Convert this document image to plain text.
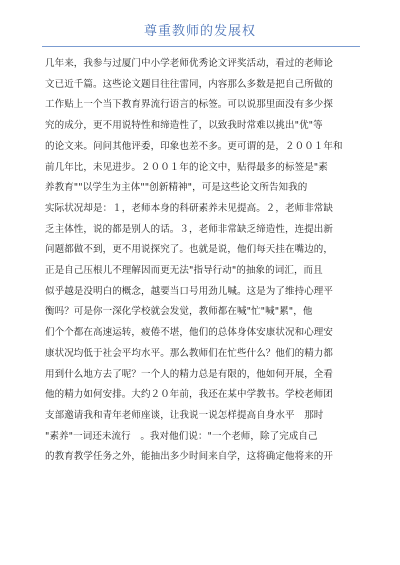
尊重教师的发展权
几年来，我参与过厦门中小学老师优秀论文评奖活动，看过的老师论
文已近千篇。这些论文题目往往雷同，内容那么多数是把自己所做的
工作贴上一个当下教育界流行语言的标签。可以说那里面没有多少探
究的成分，更不用说特性和缔造性了，以致我时常难以挑出"优"等
的论文来。问问其他评委，印象也差不多。更可谓的是，２００１年和
前几年比，未见进步。２００１年的论文中，贴得最多的标签是"素
养教育""以学生为主体""创新精神"，可是这些论文所告知我的
实际状况却是：１，老师本身的科研素养未见提高。２，老师非常缺
乏主体性，说的都是别人的话。３，老师非常缺乏缔造性，连提出新
问题都做不到，更不用说探究了。也就是说，他们每天挂在嘴边的，
正是自己压根儿不理解因而更无法"指导行动"的抽象的词汇，而且
似乎越是没明白的概念，越要当口号用劲儿喊。这是为了维持心理平
衡吗？可是你一深化学校就会发觉，教师都在喊"忙"喊"累"，他
们个个都在高速运转，疲倦不堪，他们的总体身体安康状况和心理安
康状况均低于社会平均水平。那么教师们在忙些什么？他们的精力都
用到什么地方去了呢？一个人的精力总是有限的，他如何开展，全看
他的精力如何安排。大约２０年前，我还在某中学教书。学校老师团
支部邀请我和青年老师座谈，让我说一说怎样提高自身水平　那时
"素养"一词还未流行　。我对他们说："一个老师，除了完成自己
的教育教学任务之外，能抽出多少时间来自学，这将确定他将来的开
